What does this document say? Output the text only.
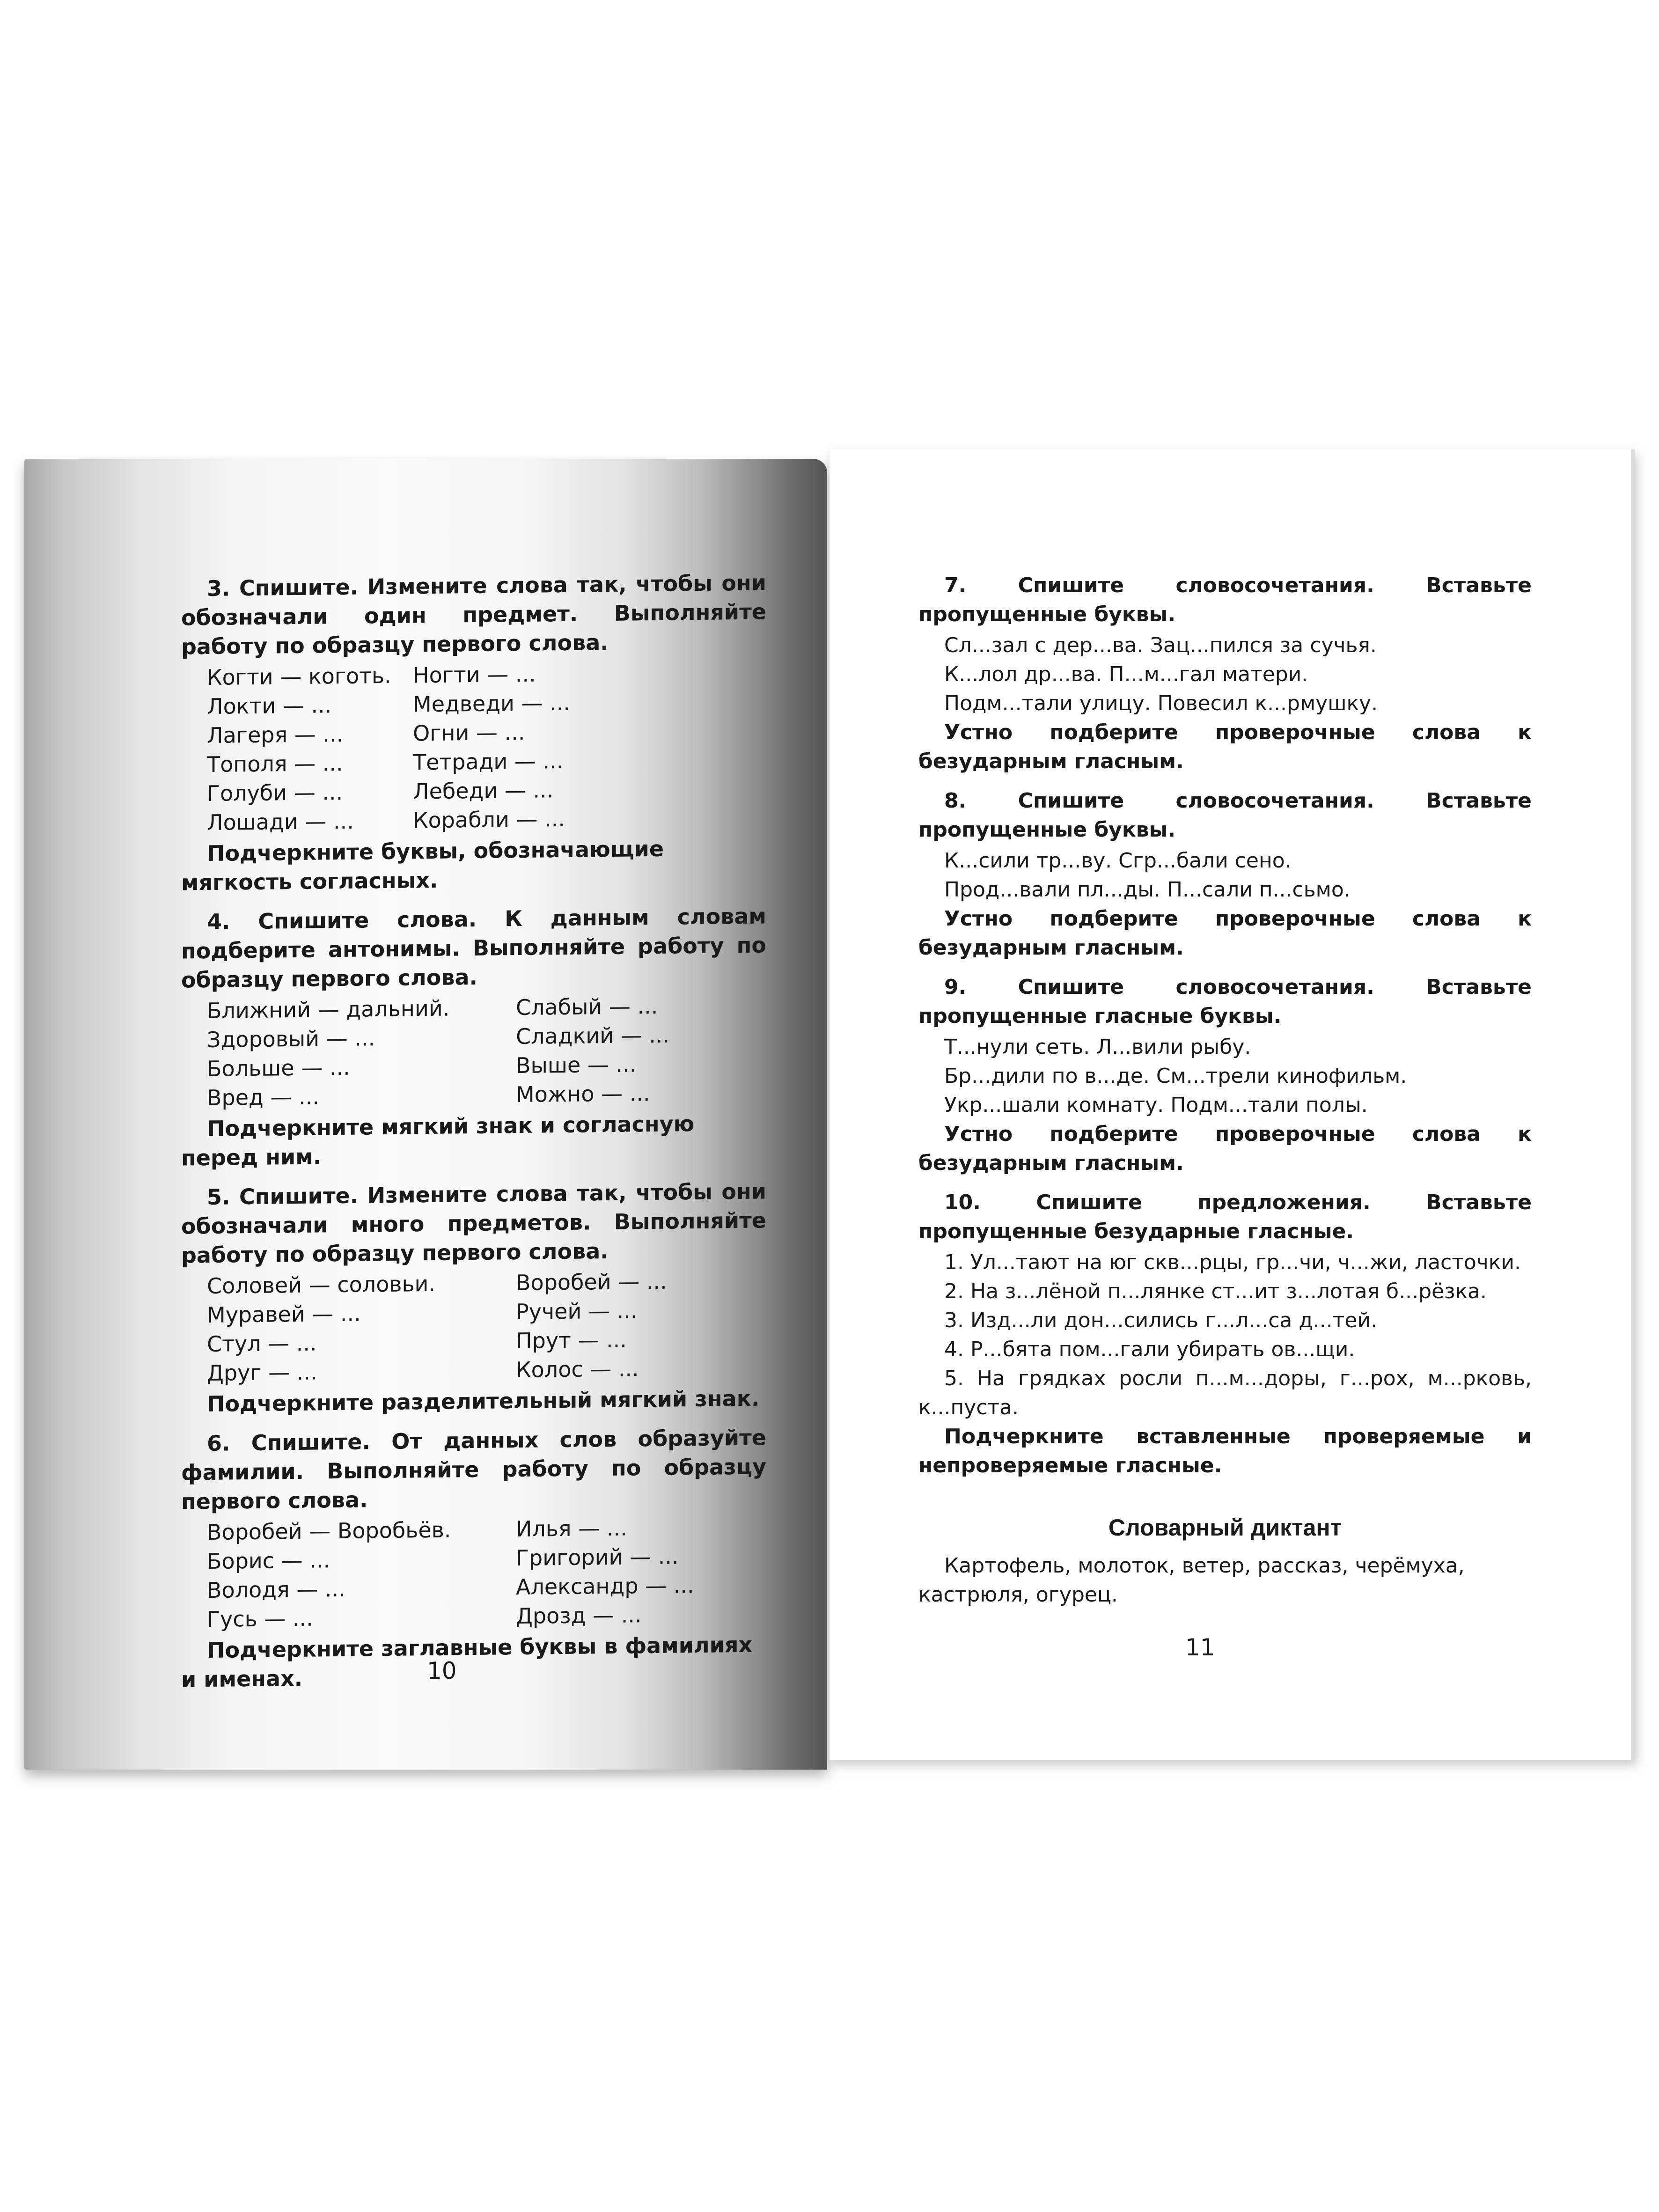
3. Спишите. Измените слова так, чтобы они обозначали один предмет. Выполняйте работу по образцу первого слова.

Когти — коготь.	Ногти — ...
Локти — ...	Медведи — ...
Лагеря — ...	Огни — ...
Тополя — ...	Тетради — ...
Голуби — ...	Лебеди — ...
Лошади — ...	Корабли — ...

Подчеркните буквы, обозначающие мягкость согласных.

4. Спишите слова. К данным словам подберите антонимы. Выполняйте работу по образцу первого слова.

Ближний — дальний.	Слабый — ...
Здоровый — ...	Сладкий — ...
Больше — ...	Выше — ...
Вред — ...	Можно — ...

Подчеркните мягкий знак и согласную перед ним.

5. Спишите. Измените слова так, чтобы они обозначали много предметов. Выполняйте работу по образцу первого слова.

Соловей — соловьи.	Воробей — ...
Муравей — ...	Ручей — ...
Стул — ...	Прут — ...
Друг — ...	Колос — ...

Подчеркните разделительный мягкий знак.

6. Спишите. От данных слов образуйте фамилии. Выполняйте работу по образцу первого слова.

Воробей — Воробьёв.	Илья — ...
Борис — ...	Григорий — ...
Володя — ...	Александр — ...
Гусь — ...	Дрозд — ...

Подчеркните заглавные буквы в фамилиях и именах.	10

7. Спишите словосочетания. Вставьте пропущенные буквы.

Сл...зал с дер...ва. Зац...пился за сучья.

К...лол др...ва. П...м...гал матери.

Подм...тали улицу. Повесил к...рмушку.

Устно подберите проверочные слова к безударным гласным.

8. Спишите словосочетания. Вставьте пропущенные буквы.

К...сили тр...ву. Сгр...бали сено.

Прод...вали пл...ды. П...сали п...сьмо.

Устно подберите проверочные слова к безударным гласным.

9. Спишите словосочетания. Вставьте пропущенные гласные буквы.

Т...нули сеть. Л...вили рыбу.

Бр...дили по в...де. См...трели кинофильм.

Укр...шали комнату. Подм...тали полы.

Устно подберите проверочные слова к безударным гласным.

10. Спишите предложения. Вставьте пропущенные безударные гласные.

1. Ул...тают на юг скв...рцы, гр...чи, ч...жи, ласточки.

2. На з...лёной п...лянке ст...ит з...лотая б...рёзка.

3. Изд...ли дон...сились г...л...са д...тей.

4. Р...бята пом...гали убирать ов...щи.

5. На грядках росли п...м...доры, г...рох, м...рковь, к...пуста.

Подчеркните вставленные проверяемые и непроверяемые гласные.

Словарный диктант

Картофель, молоток, ветер, рассказ, черёмуха, кастрюля, огурец.

11
